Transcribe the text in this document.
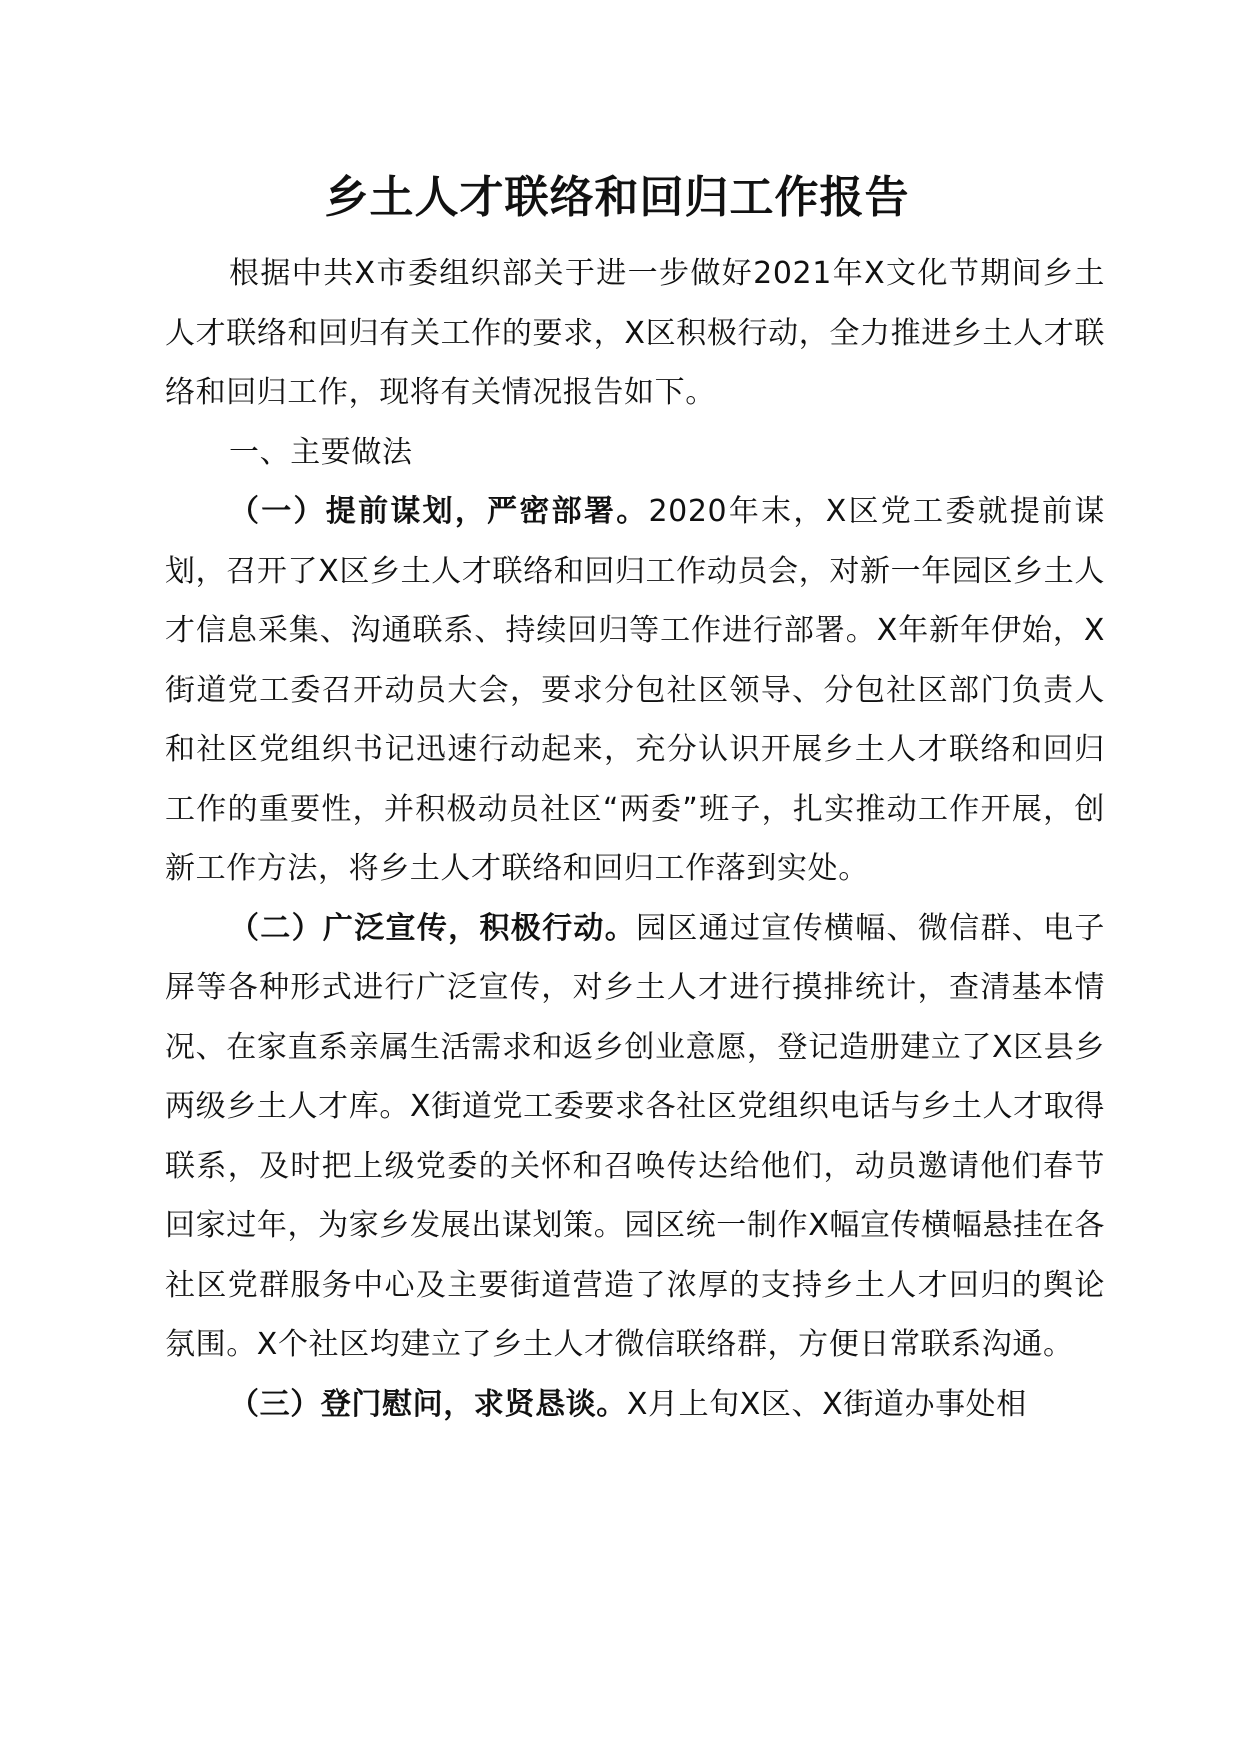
乡土人才联络和回归工作报告

根据中共X市委组织部关于进一步做好2021年X文化节期间乡土人才联络和回归有关工作的要求，X区积极行动，全力推进乡土人才联络和回归工作，现将有关情况报告如下。

一、主要做法

（一）提前谋划，严密部署。2020年末，X区党工委就提前谋划，召开了X区乡土人才联络和回归工作动员会，对新一年园区乡土人才信息采集、沟通联系、持续回归等工作进行部署。X年新年伊始，X街道党工委召开动员大会，要求分包社区领导、分包社区部门负责人和社区党组织书记迅速行动起来，充分认识开展乡土人才联络和回归工作的重要性，并积极动员社区“两委”班子，扎实推动工作开展，创新工作方法，将乡土人才联络和回归工作落到实处。

（二）广泛宣传，积极行动。园区通过宣传横幅、微信群、电子屏等各种形式进行广泛宣传，对乡土人才进行摸排统计，查清基本情况、在家直系亲属生活需求和返乡创业意愿，登记造册建立了X区县乡两级乡土人才库。X街道党工委要求各社区党组织电话与乡土人才取得联系，及时把上级党委的关怀和召唤传达给他们，动员邀请他们春节回家过年，为家乡发展出谋划策。园区统一制作X幅宣传横幅悬挂在各社区党群服务中心及主要街道营造了浓厚的支持乡土人才回归的舆论氛围。X个社区均建立了乡土人才微信联络群，方便日常联系沟通。

（三）登门慰问，求贤恳谈。X月上旬X区、X街道办事处相
